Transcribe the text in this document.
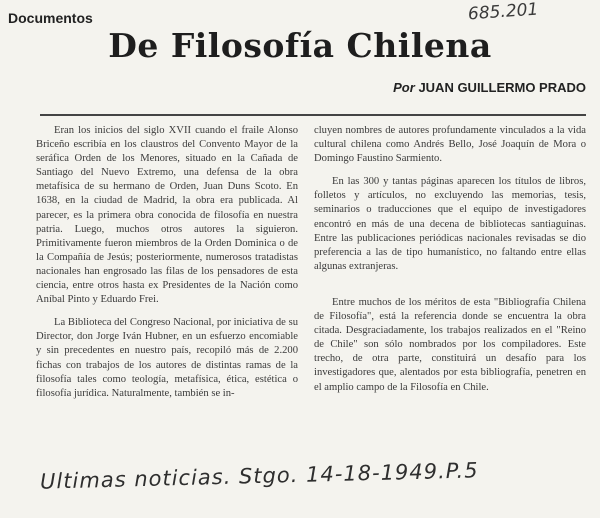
Documentos	685.201
De Filosofía Chilena
Por JUAN GUILLERMO PRADO

Eran los inicios del siglo XVII cuando el fraile Alonso Briceño escribía en los claustros del Convento Mayor de la seráfica Orden de los Menores, situado en la Cañada de Santiago del Nuevo Extremo, una defensa de la obra metafísica de su hermano de Orden, Juan Duns Scoto. En 1638, en la ciudad de Madrid, la obra era publicada. Al parecer, es la primera obra conocida de filosofía en nuestra patria. Luego, muchos otros autores la siguieron. Primitivamente fueron miembros de la Orden Dominica o de la Compañía de Jesús; posteriormente, numerosos tratadistas nacionales han engrosado las filas de los pensadores de esta ciencia, entre otros hasta ex Presidentes de la Nación como Aníbal Pinto y Eduardo Frei.

La Biblioteca del Congreso Nacional, por iniciativa de su Director, don Jorge Iván Hubner, en un esfuerzo encomiable y sin precedentes en nuestro país, recopiló más de 2.200 fichas con trabajos de los autores de distintas ramas de la filosofía tales como teología, metafísica, ética, estética o filosofía jurídica. Naturalmente, también se in-

cluyen nombres de autores profundamente vinculados a la vida cultural chilena como Andrés Bello, José Joaquín de Mora o Domingo Faustino Sarmiento.

En las 300 y tantas páginas aparecen los títulos de libros, folletos y artículos, no excluyendo las memorias, tesis, seminarios o traducciones que el equipo de investigadores encontró en más de una decena de bibliotecas santiaguinas. Entre las publicaciones periódicas nacionales revisadas se dio preferencia a las de tipo humanístico, no faltando entre ellas algunas extranjeras.

Entre muchos de los méritos de esta "Bibliografía Chilena de Filosofía", está la referencia donde se encuentra la obra citada. Desgraciadamente, los trabajos realizados en el "Reino de Chile" son sólo nombrados por los compiladores. Este trecho, de otra parte, constituirá un desafío para los investigadores que, alentados por esta bibliografía, penetren en el amplio campo de la Filosofía en Chile.

Ultimas noticias. Stgo. 14-18-1949.P.5
